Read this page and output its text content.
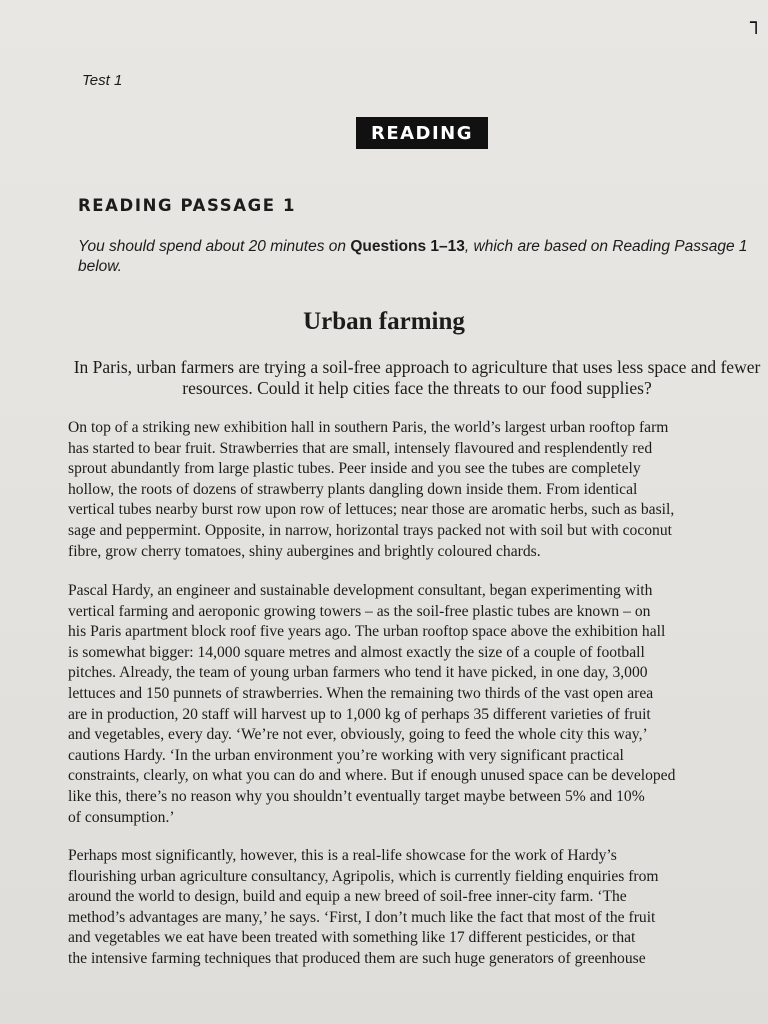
┐
Test 1
READING
READING PASSAGE 1
You should spend about 20 minutes on Questions 1–13, which are based on Reading Passage 1 below.
Urban farming
In Paris, urban farmers are trying a soil-free approach to agriculture that uses less space and fewer resources. Could it help cities face the threats to our food supplies?
On top of a striking new exhibition hall in southern Paris, the world’s largest urban rooftop farm
has started to bear fruit. Strawberries that are small, intensely flavoured and resplendently red
sprout abundantly from large plastic tubes. Peer inside and you see the tubes are completely
hollow, the roots of dozens of strawberry plants dangling down inside them. From identical
vertical tubes nearby burst row upon row of lettuces; near those are aromatic herbs, such as basil,
sage and peppermint. Opposite, in narrow, horizontal trays packed not with soil but with coconut
fibre, grow cherry tomatoes, shiny aubergines and brightly coloured chards.
Pascal Hardy, an engineer and sustainable development consultant, began experimenting with
vertical farming and aeroponic growing towers – as the soil-free plastic tubes are known – on
his Paris apartment block roof five years ago. The urban rooftop space above the exhibition hall
is somewhat bigger: 14,000 square metres and almost exactly the size of a couple of football
pitches. Already, the team of young urban farmers who tend it have picked, in one day, 3,000
lettuces and 150 punnets of strawberries. When the remaining two thirds of the vast open area
are in production, 20 staff will harvest up to 1,000 kg of perhaps 35 different varieties of fruit
and vegetables, every day. ‘We’re not ever, obviously, going to feed the whole city this way,’
cautions Hardy. ‘In the urban environment you’re working with very significant practical
constraints, clearly, on what you can do and where. But if enough unused space can be developed
like this, there’s no reason why you shouldn’t eventually target maybe between 5% and 10%
of consumption.’
Perhaps most significantly, however, this is a real-life showcase for the work of Hardy’s
flourishing urban agriculture consultancy, Agripolis, which is currently fielding enquiries from
around the world to design, build and equip a new breed of soil-free inner-city farm. ‘The
method’s advantages are many,’ he says. ‘First, I don’t much like the fact that most of the fruit
and vegetables we eat have been treated with something like 17 different pesticides, or that
the intensive farming techniques that produced them are such huge generators of greenhouse
